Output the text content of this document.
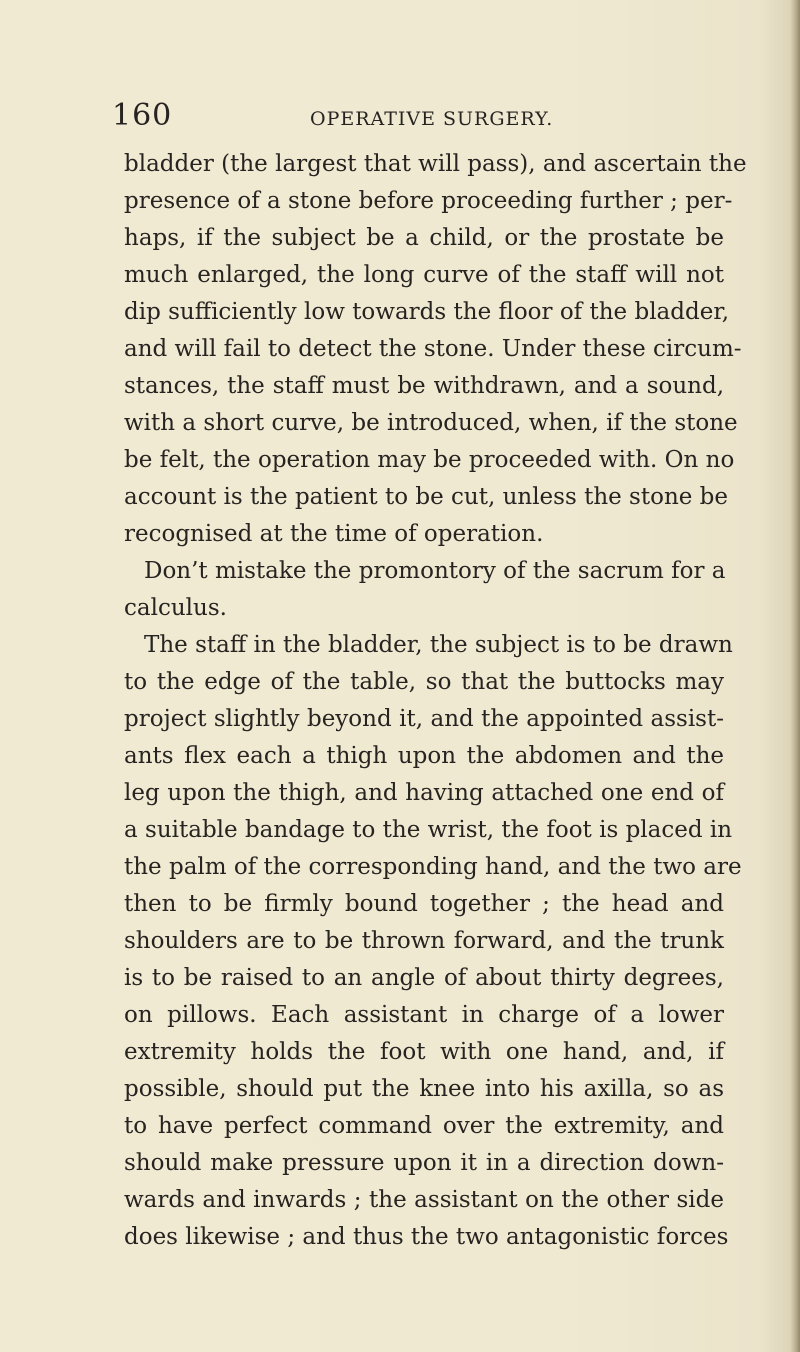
160	OPERATIVE SURGERY.
bladder (the largest that will pass), and ascertain the
presence of a stone before proceeding further ; per-
haps, if the subject be a child, or the prostate be
much enlarged, the long curve of the staff will not
dip sufficiently low towards the floor of the bladder,
and will fail to detect the stone. Under these circum-
stances, the staff must be withdrawn, and a sound,
with a short curve, be introduced, when, if the stone
be felt, the operation may be proceeded with. On no
account is the patient to be cut, unless the stone be
recognised at the time of operation.
Don’t mistake the promontory of the sacrum for a
calculus.
The staff in the bladder, the subject is to be drawn
to the edge of the table, so that the buttocks may
project slightly beyond it, and the appointed assist-
ants flex each a thigh upon the abdomen and the
leg upon the thigh, and having attached one end of
a suitable bandage to the wrist, the foot is placed in
the palm of the corresponding hand, and the two are
then to be firmly bound together ; the head and
shoulders are to be thrown forward, and the trunk
is to be raised to an angle of about thirty degrees,
on pillows. Each assistant in charge of a lower
extremity holds the foot with one hand, and, if
possible, should put the knee into his axilla, so as
to have perfect command over the extremity, and
should make pressure upon it in a direction down-
wards and inwards ; the assistant on the other side
does likewise ; and thus the two antagonistic forces
